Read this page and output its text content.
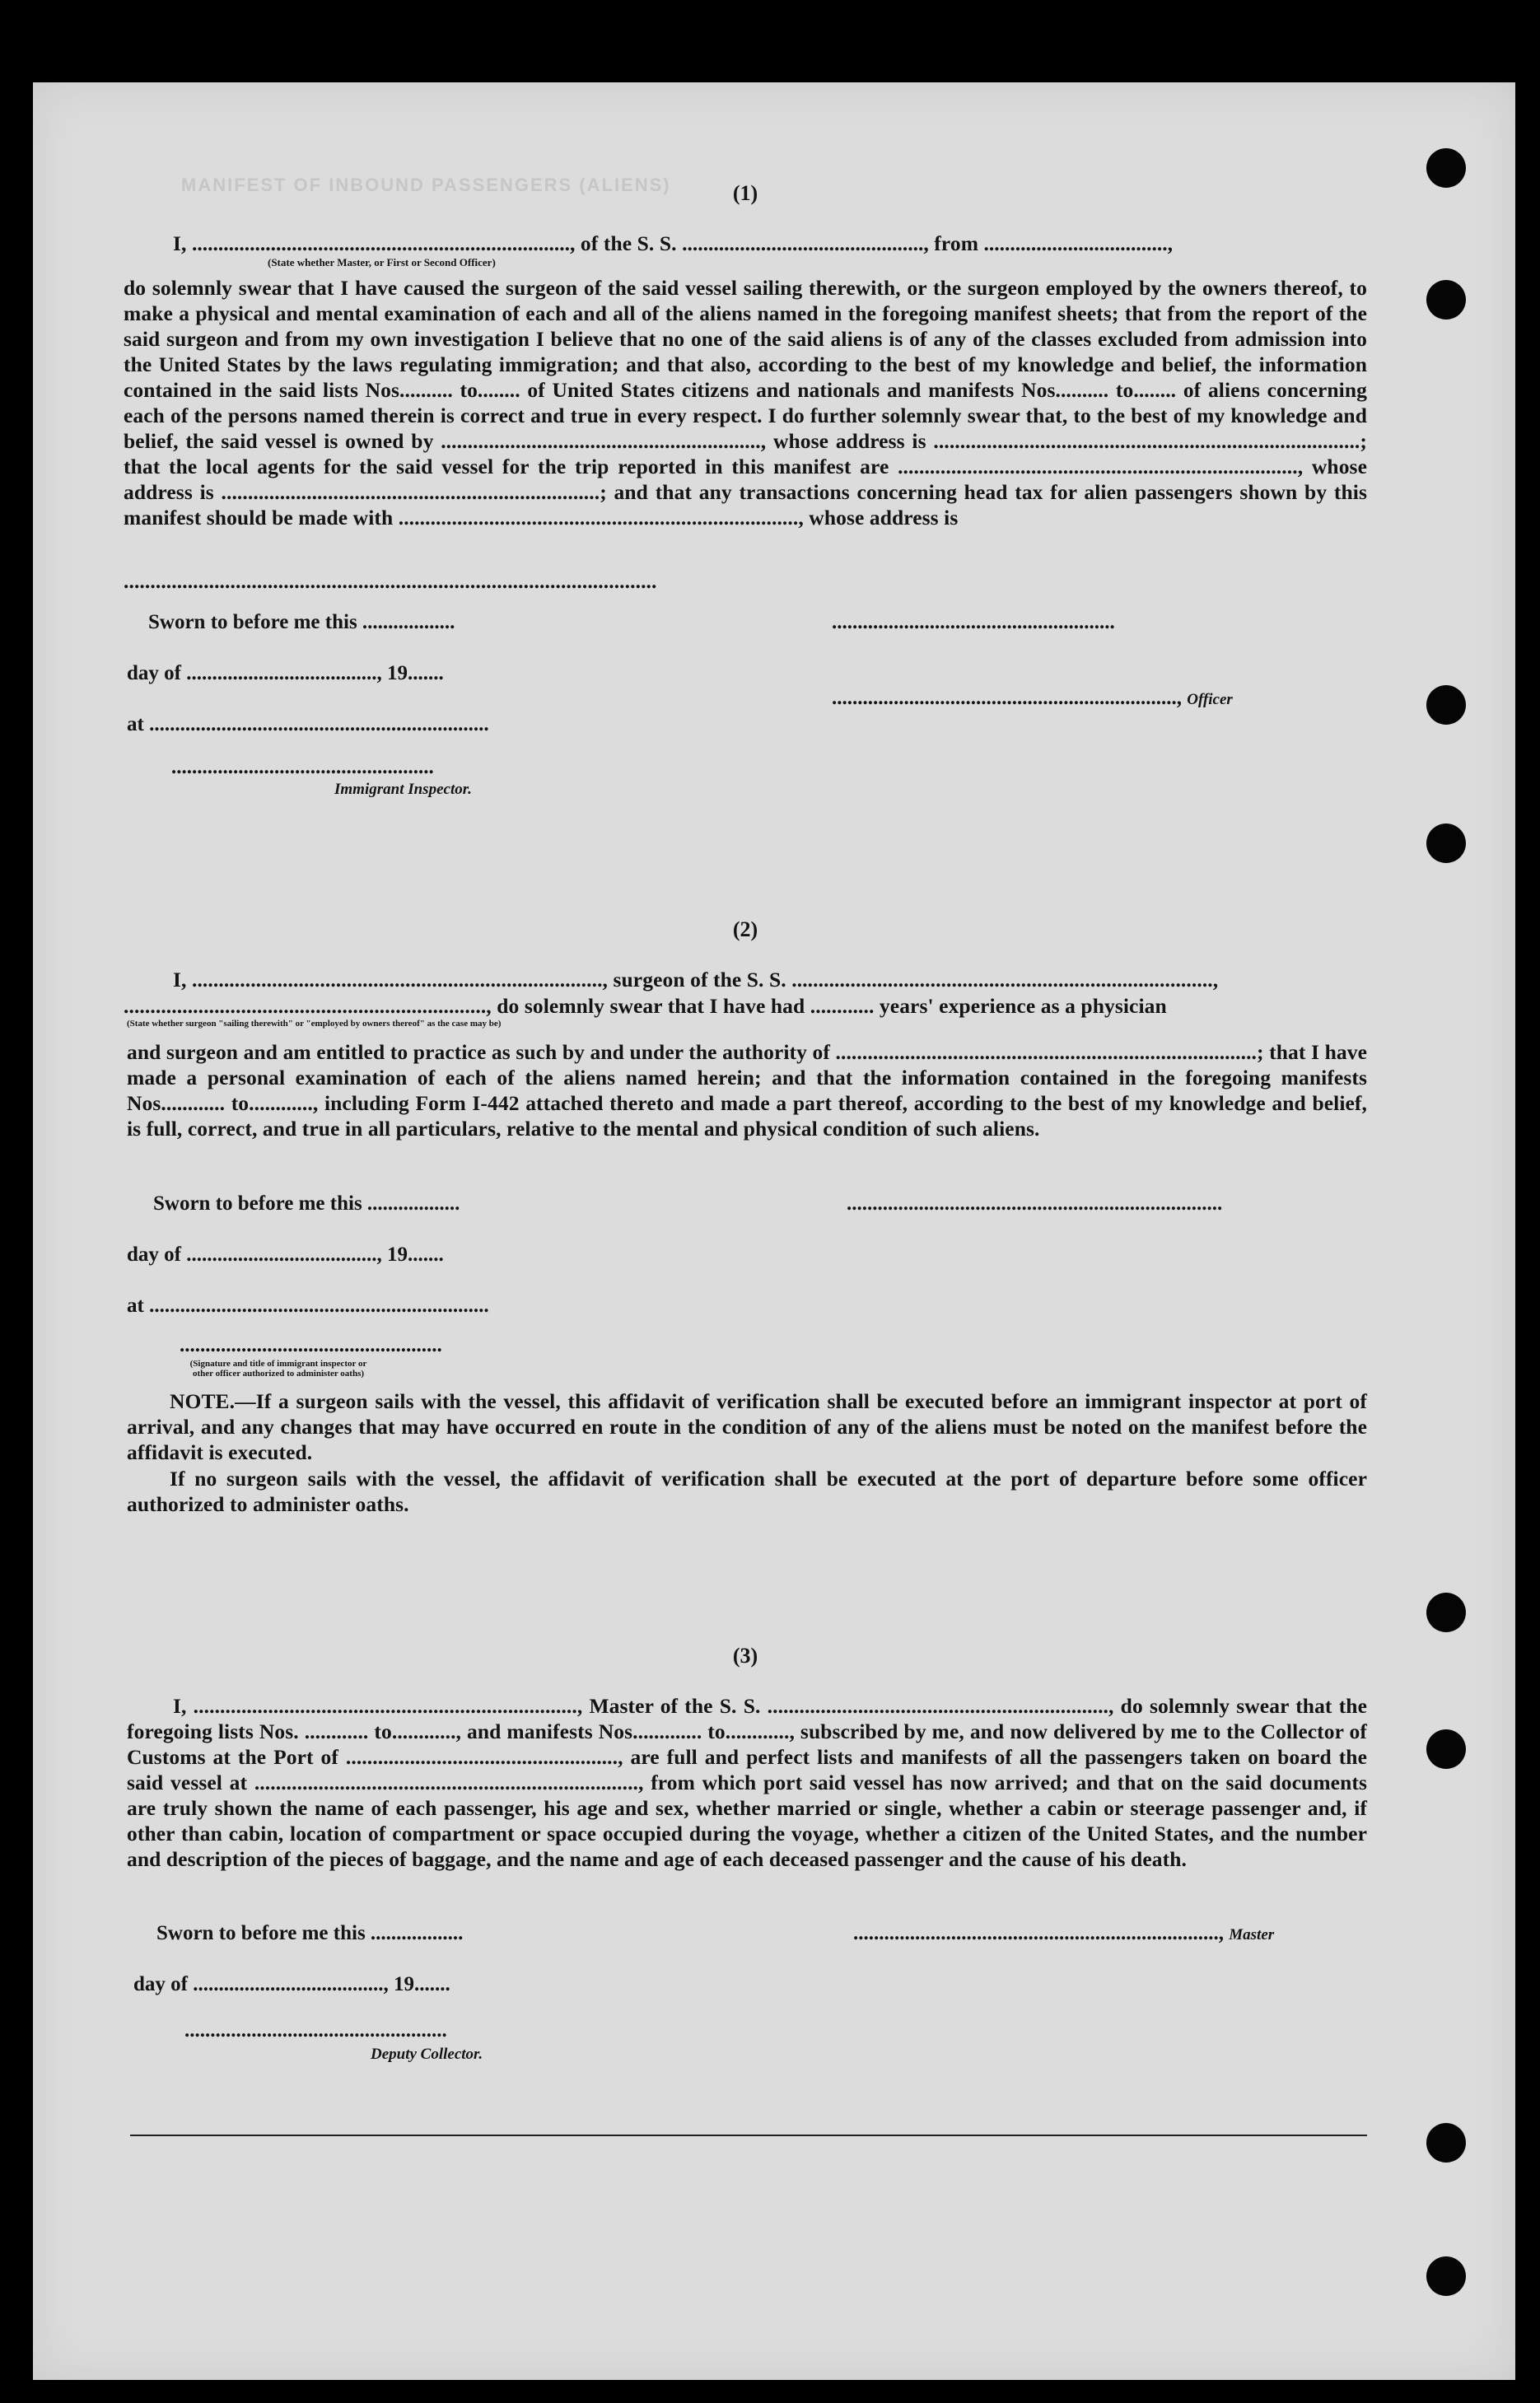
MANIFEST OF INBOUND PASSENGERS (ALIENS)	(1)
I, ........................................................................, of the S. S. .............................................., from ...................................,
(State whether Master, or First or Second Officer)
do solemnly swear that I have caused the surgeon of the said vessel sailing therewith, or the surgeon employed by the owners thereof, to make a physical and mental examination of each and all of the aliens named in the foregoing manifest sheets; that from the report of the said surgeon and from my own investigation I believe that no one of the said aliens is of any of the classes excluded from admission into the United States by the laws regulating immigration; and that also, according to the best of my knowledge and belief, the information contained in the said lists Nos.......... to........ of United States citizens and nationals and manifests Nos.......... to........ of aliens concerning each of the persons named therein is correct and true in every respect. I do further solemnly swear that, to the best of my knowledge and belief, the said vessel is owned by ............................................................, whose address is ................................................................................; that the local agents for the said vessel for the trip reported in this manifest are ..........................................................................., whose address is .......................................................................; and that any transactions concerning head tax for alien passengers shown by this manifest should be made with ..........................................................................., whose address is
....................................................................................................
Sworn to before me this ..................	.......................................................
day of ....................................., 19.......
..................................................................., Officer
at ..................................................................
...................................................
Immigrant Inspector.
(2)
I, ............................................................................., surgeon of the S. S. ...............................................................................,
...................................................................., do solemnly swear that I have had ............ years' experience as a physician
(State whether surgeon "sailing therewith" or "employed by owners thereof" as the case may be)
and surgeon and am entitled to practice as such by and under the authority of ...............................................................................; that I have made a personal examination of each of the aliens named herein; and that the information contained in the foregoing manifests Nos............ to............, including Form I-442 attached thereto and made a part thereof, according to the best of my knowledge and belief, is full, correct, and true in all particulars, relative to the mental and physical condition of such aliens.
Sworn to before me this ..................	.........................................................................
day of ....................................., 19.......
at ..................................................................
...................................................
(Signature and title of immigrant inspector or other officer authorized to administer oaths)
NOTE.—If a surgeon sails with the vessel, this affidavit of verification shall be executed before an immigrant inspector at port of arrival, and any changes that may have occurred en route in the condition of any of the aliens must be noted on the manifest before the affidavit is executed.
If no surgeon sails with the vessel, the affidavit of verification shall be executed at the port of departure before some officer authorized to administer oaths.
(3)
I, ........................................................................, Master of the S. S. ................................................................, do solemnly swear that the foregoing lists Nos. ............ to............, and manifests Nos............. to............, subscribed by me, and now delivered by me to the Collector of Customs at the Port of ..................................................., are full and perfect lists and manifests of all the passengers taken on board the said vessel at ........................................................................, from which port said vessel has now arrived; and that on the said documents are truly shown the name of each passenger, his age and sex, whether married or single, whether a cabin or steerage passenger and, if other than cabin, location of compartment or space occupied during the voyage, whether a citizen of the United States, and the number and description of the pieces of baggage, and the name and age of each deceased passenger and the cause of his death.
Sworn to before me this ..................	......................................................................., Master
day of ....................................., 19.......
...................................................
Deputy Collector.
